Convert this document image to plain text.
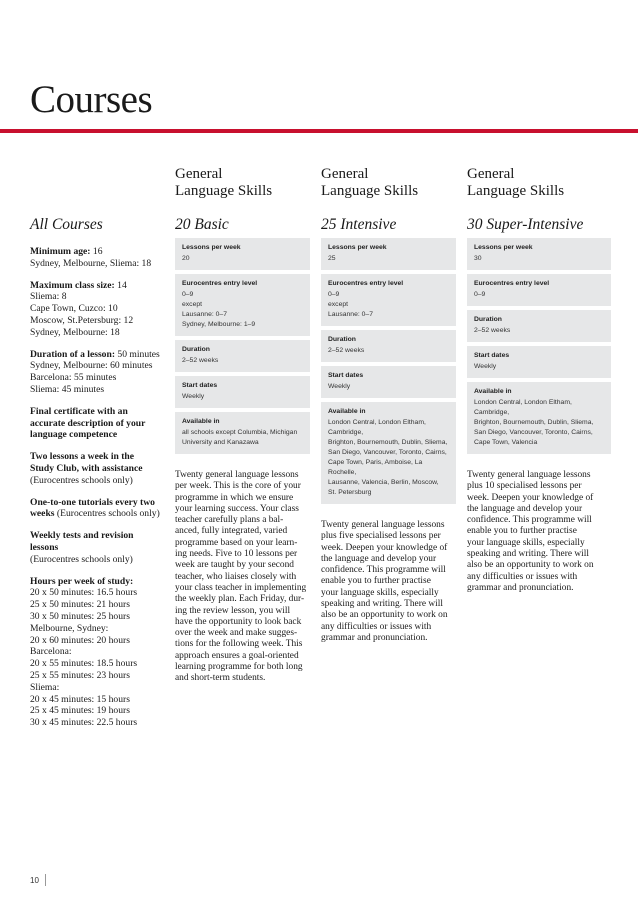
Courses
All Courses
Minimum age: 16
Sydney, Melbourne, Sliema: 18
Maximum class size: 14
Sliema: 8
Cape Town, Cuzco: 10
Moscow, St.Petersburg: 12
Sydney, Melbourne: 18
Duration of a lesson: 50 minutes
Sydney, Melbourne: 60 minutes
Barcelona: 55 minutes
Sliema: 45 minutes
Final certificate with an accurate description of your language competence
Two lessons a week in the Study Club, with assistance
(Eurocentres schools only)
One-to-one tutorials every two weeks (Eurocentres schools only)
Weekly tests and revision lessons
(Eurocentres schools only)
Hours per week of study:
20 x 50 minutes: 16.5 hours
25 x 50 minutes: 21 hours
30 x 50 minutes: 25 hours
Melbourne, Sydney:
20 x 60 minutes: 20 hours
Barcelona:
20 x 55 minutes: 18.5 hours
25 x 55 minutes: 23 hours
Sliema:
20 x 45 minutes: 15 hours
25 x 45 minutes: 19 hours
30 x 45 minutes: 22.5 hours
General
Language Skills
20 Basic
Lessons per week
20
Eurocentres entry level
0–9
except
Lausanne: 0–7
Sydney, Melbourne: 1–9
Duration
2–52 weeks
Start dates
Weekly
Available in
all schools except Columbia, Michigan
University and Kanazawa
Twenty general language lessons
per week. This is the core of your
programme in which we ensure
your learning success. Your class
teacher carefully plans a bal-
anced, fully integrated, varied
programme based on your learn-
ing needs. Five to 10 lessons per
week are taught by your second
teacher, who liaises closely with
your class teacher in implementing
the weekly plan. Each Friday, dur-
ing the review lesson, you will
have the opportunity to look back
over the week and make sugges-
tions for the following week. This
approach ensures a goal-oriented
learning programme for both long
and short-term students.
General
Language Skills
25 Intensive
Lessons per week
25
Eurocentres entry level
0–9
except
Lausanne: 0–7
Duration
2–52 weeks
Start dates
Weekly
Available in
London Central, London Eltham, Cambridge,
Brighton, Bournemouth, Dublin, Sliema,
San Diego, Vancouver, Toronto, Cairns,
Cape Town, Paris, Amboise, La Rochelle,
Lausanne, Valencia, Berlin, Moscow,
St. Petersburg
Twenty general language lessons
plus five specialised lessons per
week. Deepen your knowledge of
the language and develop your
confidence. This programme will
enable you to further practise
your language skills, especially
speaking and writing. There will
also be an opportunity to work on
any difficulties or issues with
grammar and pronunciation.
General
Language Skills
30 Super-Intensive
Lessons per week
30
Eurocentres entry level
0–9
Duration
2–52 weeks
Start dates
Weekly
Available in
London Central, London Eltham, Cambridge,
Brighton, Bournemouth, Dublin, Sliema,
San Diego, Vancouver, Toronto, Cairns,
Cape Town, Valencia
Twenty general language lessons
plus 10 specialised lessons per
week. Deepen your knowledge of
the language and develop your
confidence. This programme will
enable you to further practise
your language skills, especially
speaking and writing. There will
also be an opportunity to work on
any difficulties or issues with
grammar and pronunciation.
10
